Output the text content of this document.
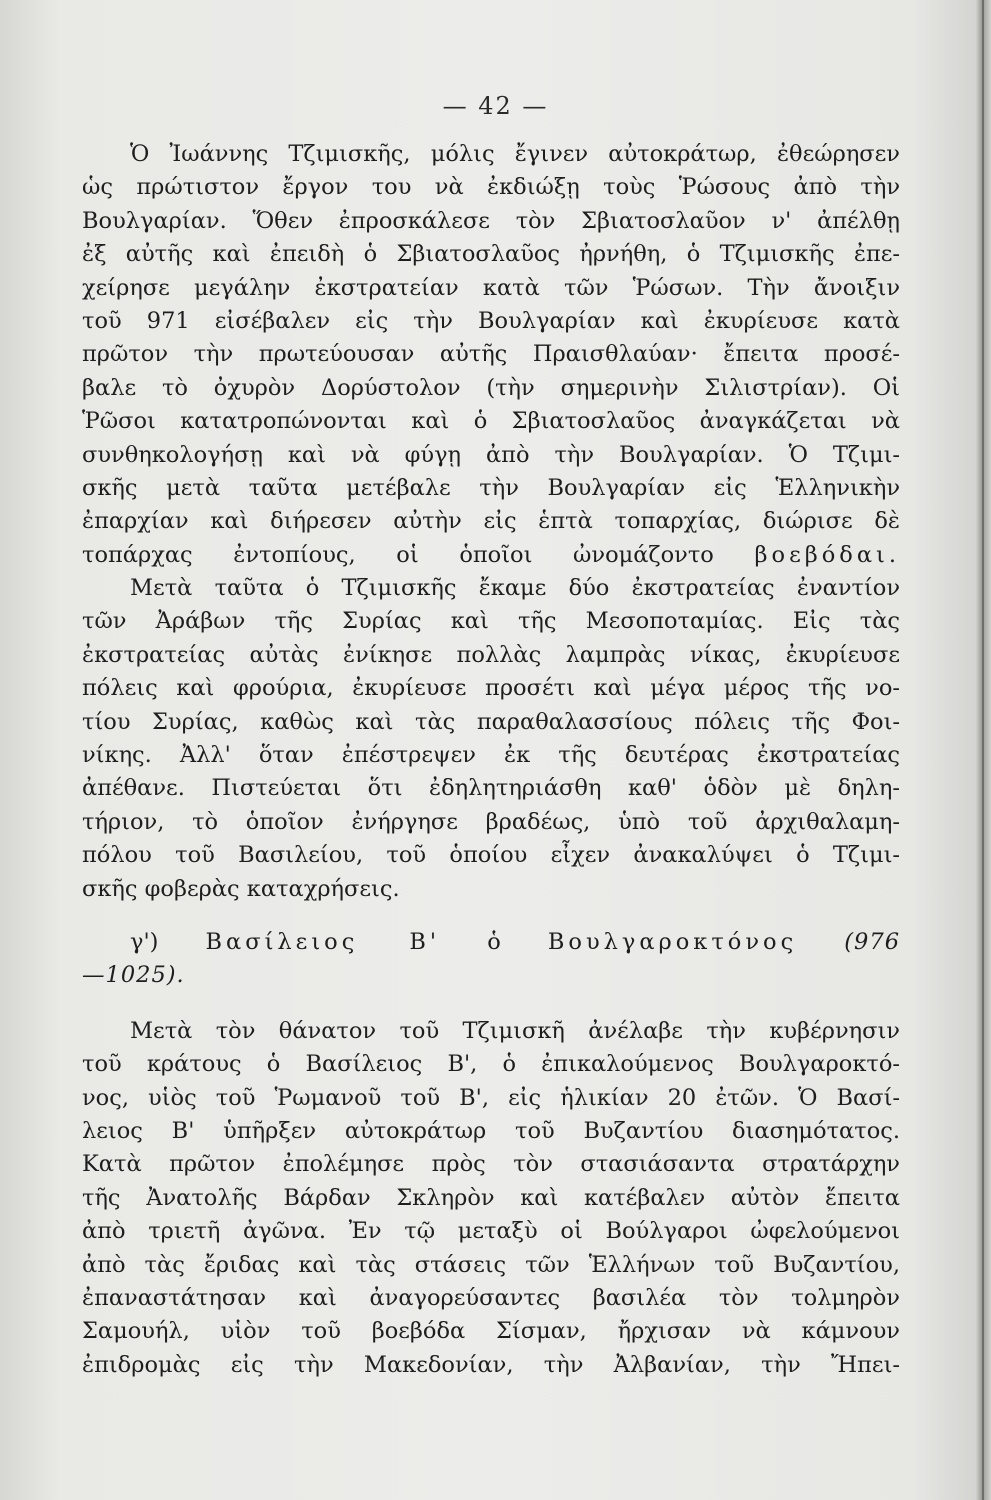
— 42 —
Ὁ Ἰωάννης Τζιμισκῆς, μόλις ἔγινεν αὐτοκράτωρ, ἐθεώρησεν
ὡς πρώτιστον ἔργον του νὰ ἐκδιώξῃ τοὺς Ῥώσους ἀπὸ τὴν
Βουλγαρίαν. Ὅθεν ἐπροσκάλεσε τὸν Σβιατοσλαῦον ν' ἀπέλθῃ
ἐξ αὐτῆς καὶ ἐπειδὴ ὁ Σβιατοσλαῦος ἠρνήθη, ὁ Τζιμισκῆς ἐπε-
χείρησε μεγάλην ἐκστρατείαν κατὰ τῶν Ῥώσων. Τὴν ἄνοιξιν
τοῦ 971 εἰσέβαλεν εἰς τὴν Βουλγαρίαν καὶ ἐκυρίευσε κατὰ
πρῶτον τὴν πρωτεύουσαν αὐτῆς Πραισθλαύαν· ἔπειτα προσέ-
βαλε τὸ ὀχυρὸν Δορύστολον (τὴν σημερινὴν Σιλιστρίαν). Οἱ
Ῥῶσοι κατατροπώνονται καὶ ὁ Σβιατοσλαῦος ἀναγκάζεται νὰ
συνθηκολογήσῃ καὶ νὰ φύγῃ ἀπὸ τὴν Βουλγαρίαν. Ὁ Τζιμι-
σκῆς μετὰ ταῦτα μετέβαλε τὴν Βουλγαρίαν εἰς Ἑλληνικὴν
ἐπαρχίαν καὶ διήρεσεν αὐτὴν εἰς ἑπτὰ τοπαρχίας, διώρισε δὲ
τοπάρχας ἐντοπίους, οἱ ὁποῖοι ὠνομάζοντο βοεβόδαι.
Μετὰ ταῦτα ὁ Τζιμισκῆς ἔκαμε δύο ἐκστρατείας ἐναντίον
τῶν Ἀράβων τῆς Συρίας καὶ τῆς Μεσοποταμίας. Εἰς τὰς
ἐκστρατείας αὐτὰς ἐνίκησε πολλὰς λαμπρὰς νίκας, ἐκυρίευσε
πόλεις καὶ φρούρια, ἐκυρίευσε προσέτι καὶ μέγα μέρος τῆς νο-
τίου Συρίας, καθὼς καὶ τὰς παραθαλασσίους πόλεις τῆς Φοι-
νίκης. Ἀλλ' ὅταν ἐπέστρεψεν ἐκ τῆς δευτέρας ἐκστρατείας
ἀπέθανε. Πιστεύεται ὅτι ἐδηλητηριάσθη καθ' ὁδὸν μὲ δηλη-
τήριον, τὸ ὁποῖον ἐνήργησε βραδέως, ὑπὸ τοῦ ἀρχιθαλαμη-
πόλου τοῦ Βασιλείου, τοῦ ὁποίου εἶχεν ἀνακαλύψει ὁ Τζιμι-
σκῆς φοβερὰς καταχρήσεις.
γ') Βασίλειος Β' ὁ Βουλγαροκτόνος (976
—1025).
Μετὰ τὸν θάνατον τοῦ Τζιμισκῆ ἀνέλαβε τὴν κυβέρνησιν
τοῦ κράτους ὁ Βασίλειος Β', ὁ ἐπικαλούμενος Βουλγαροκτό-
νος, υἱὸς τοῦ Ῥωμανοῦ τοῦ Β', εἰς ἡλικίαν 20 ἐτῶν. Ὁ Βασί-
λειος Β' ὑπῆρξεν αὐτοκράτωρ τοῦ Βυζαντίου διασημότατος.
Κατὰ πρῶτον ἐπολέμησε πρὸς τὸν στασιάσαντα στρατάρχην
τῆς Ἀνατολῆς Βάρδαν Σκληρὸν καὶ κατέβαλεν αὐτὸν ἔπειτα
ἀπὸ τριετῆ ἀγῶνα. Ἐν τῷ μεταξὺ οἱ Βούλγαροι ὠφελούμενοι
ἀπὸ τὰς ἔριδας καὶ τὰς στάσεις τῶν Ἑλλήνων τοῦ Βυζαντίου,
ἐπαναστάτησαν καὶ ἀναγορεύσαντες βασιλέα τὸν τολμηρὸν
Σαμουήλ, υἱὸν τοῦ βοεβόδα Σίσμαν, ἤρχισαν νὰ κάμνουν
ἐπιδρομὰς εἰς τὴν Μακεδονίαν, τὴν Ἀλβανίαν, τὴν Ἤπει-
